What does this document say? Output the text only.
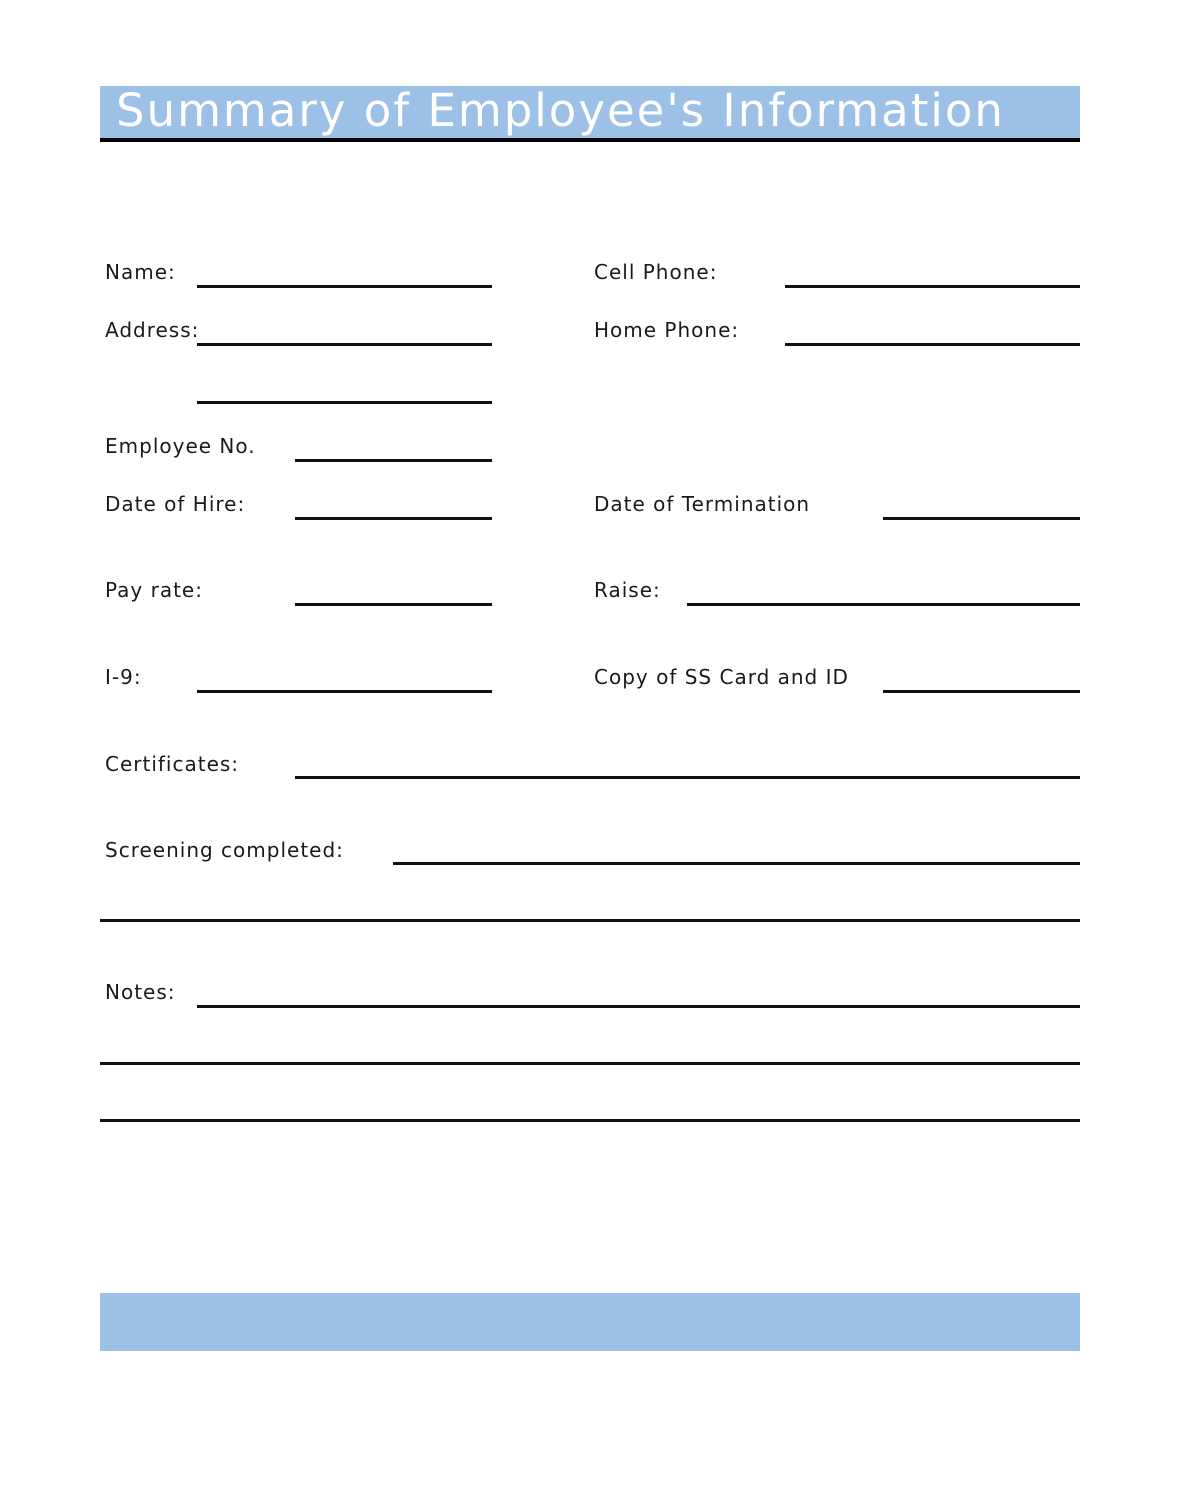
Summary of Employee's Information
Name:	Cell Phone:
Address:	Home Phone:
Employee No.
Date of Hire:	Date of Termination
Pay rate:	Raise:
I-9:	Copy of SS Card and ID
Certificates:
Screening completed:
Notes:
